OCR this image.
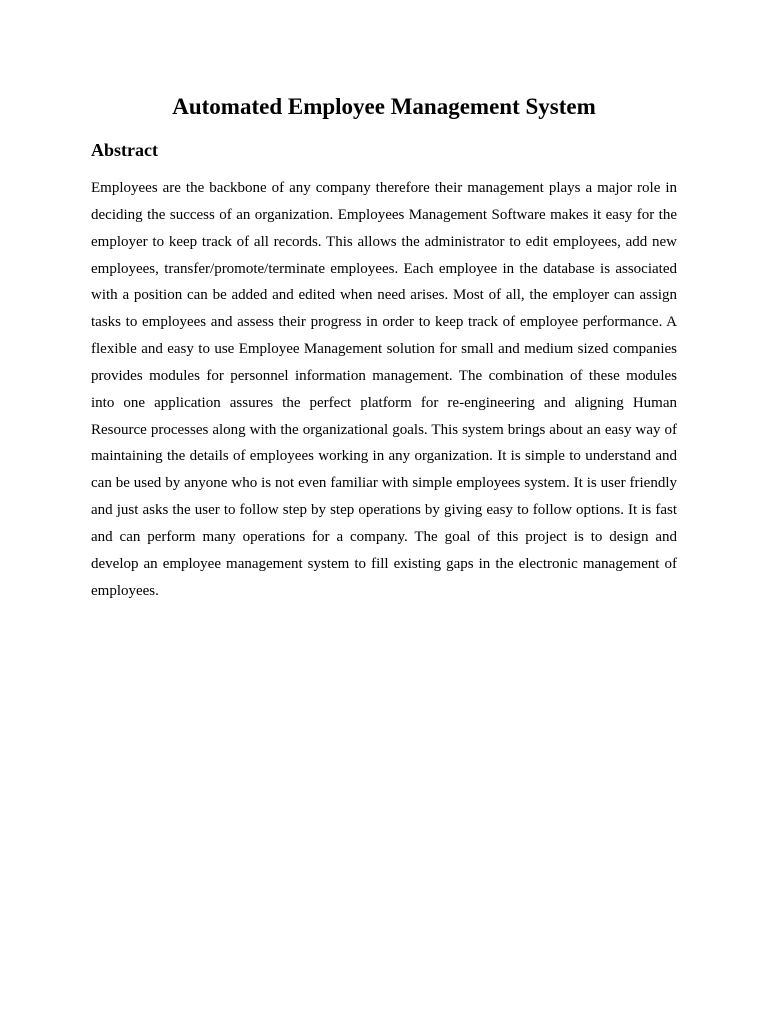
Automated Employee Management System
Abstract

Employees are the backbone of any company therefore their management plays a major role in deciding the success of an organization. Employees Management Software makes it easy for the employer to keep track of all records. This allows the administrator to edit employees, add new employees, transfer/promote/terminate employees. Each employee in the database is associated with a position can be added and edited when need arises. Most of all, the employer can assign tasks to employees and assess their progress in order to keep track of employee performance. A flexible and easy to use Employee Management solution for small and medium sized companies provides modules for personnel information management. The combination of these modules into one application assures the perfect platform for re-engineering and aligning Human Resource processes along with the organizational goals. This system brings about an easy way of maintaining the details of employees working in any organization. It is simple to understand and can be used by anyone who is not even familiar with simple employees system. It is user friendly and just asks the user to follow step by step operations by giving easy to follow options. It is fast and can perform many operations for a company. The goal of this project is to design and develop an employee management system to fill existing gaps in the electronic management of employees.
